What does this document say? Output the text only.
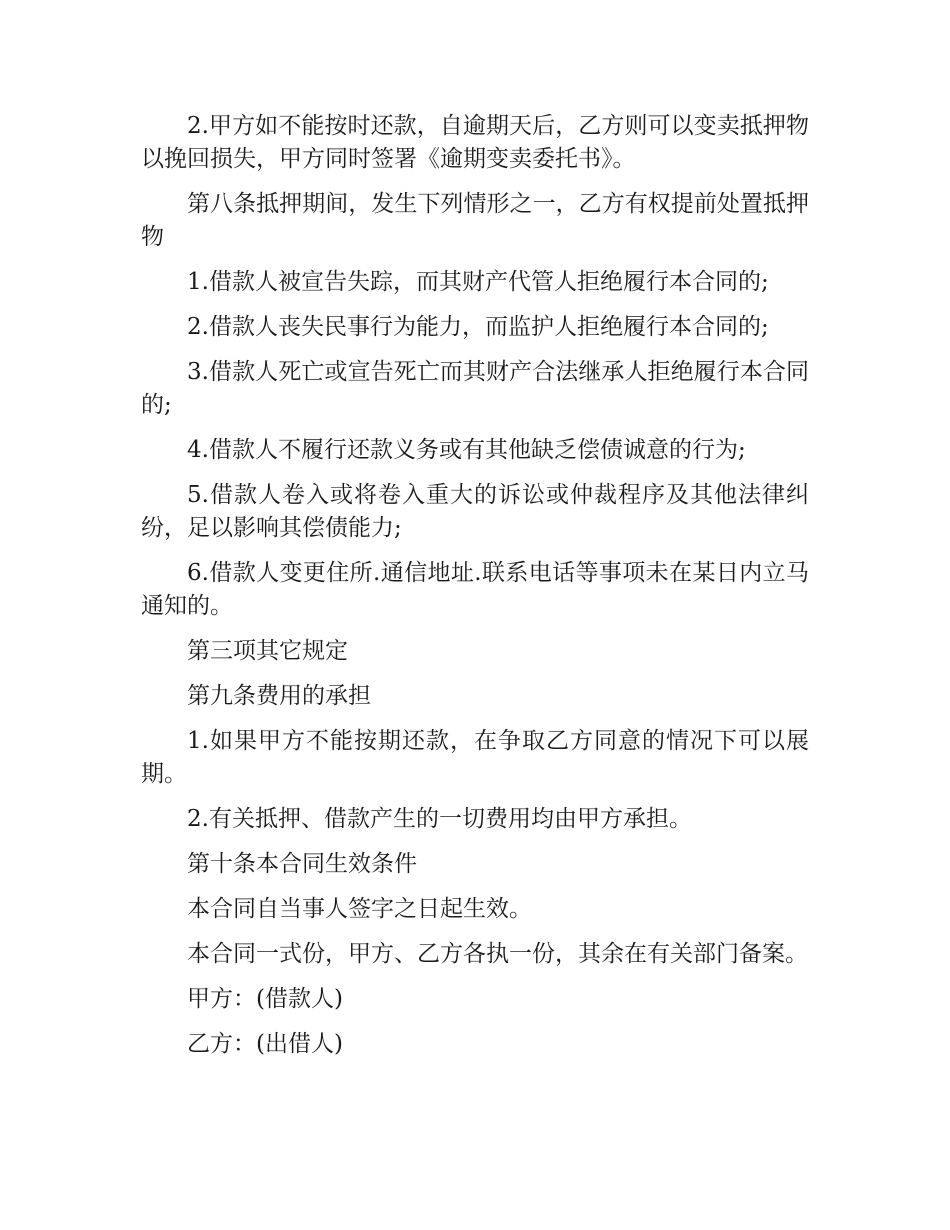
2.甲方如不能按时还款，自逾期天后，乙方则可以变卖抵押物以挽回损失，甲方同时签署《逾期变卖委托书》。

第八条抵押期间，发生下列情形之一，乙方有权提前处置抵押物

1.借款人被宣告失踪，而其财产代管人拒绝履行本合同的;

2.借款人丧失民事行为能力，而监护人拒绝履行本合同的;

3.借款人死亡或宣告死亡而其财产合法继承人拒绝履行本合同的;

4.借款人不履行还款义务或有其他缺乏偿债诚意的行为;

5.借款人卷入或将卷入重大的诉讼或仲裁程序及其他法律纠纷，足以影响其偿债能力;

6.借款人变更住所.通信地址.联系电话等事项未在某日内立马通知的。

第三项其它规定

第九条费用的承担

1.如果甲方不能按期还款，在争取乙方同意的情况下可以展期。

2.有关抵押、借款产生的一切费用均由甲方承担。

第十条本合同生效条件

本合同自当事人签字之日起生效。

本合同一式份，甲方、乙方各执一份，其余在有关部门备案。

甲方：(借款人)

乙方：(出借人)
